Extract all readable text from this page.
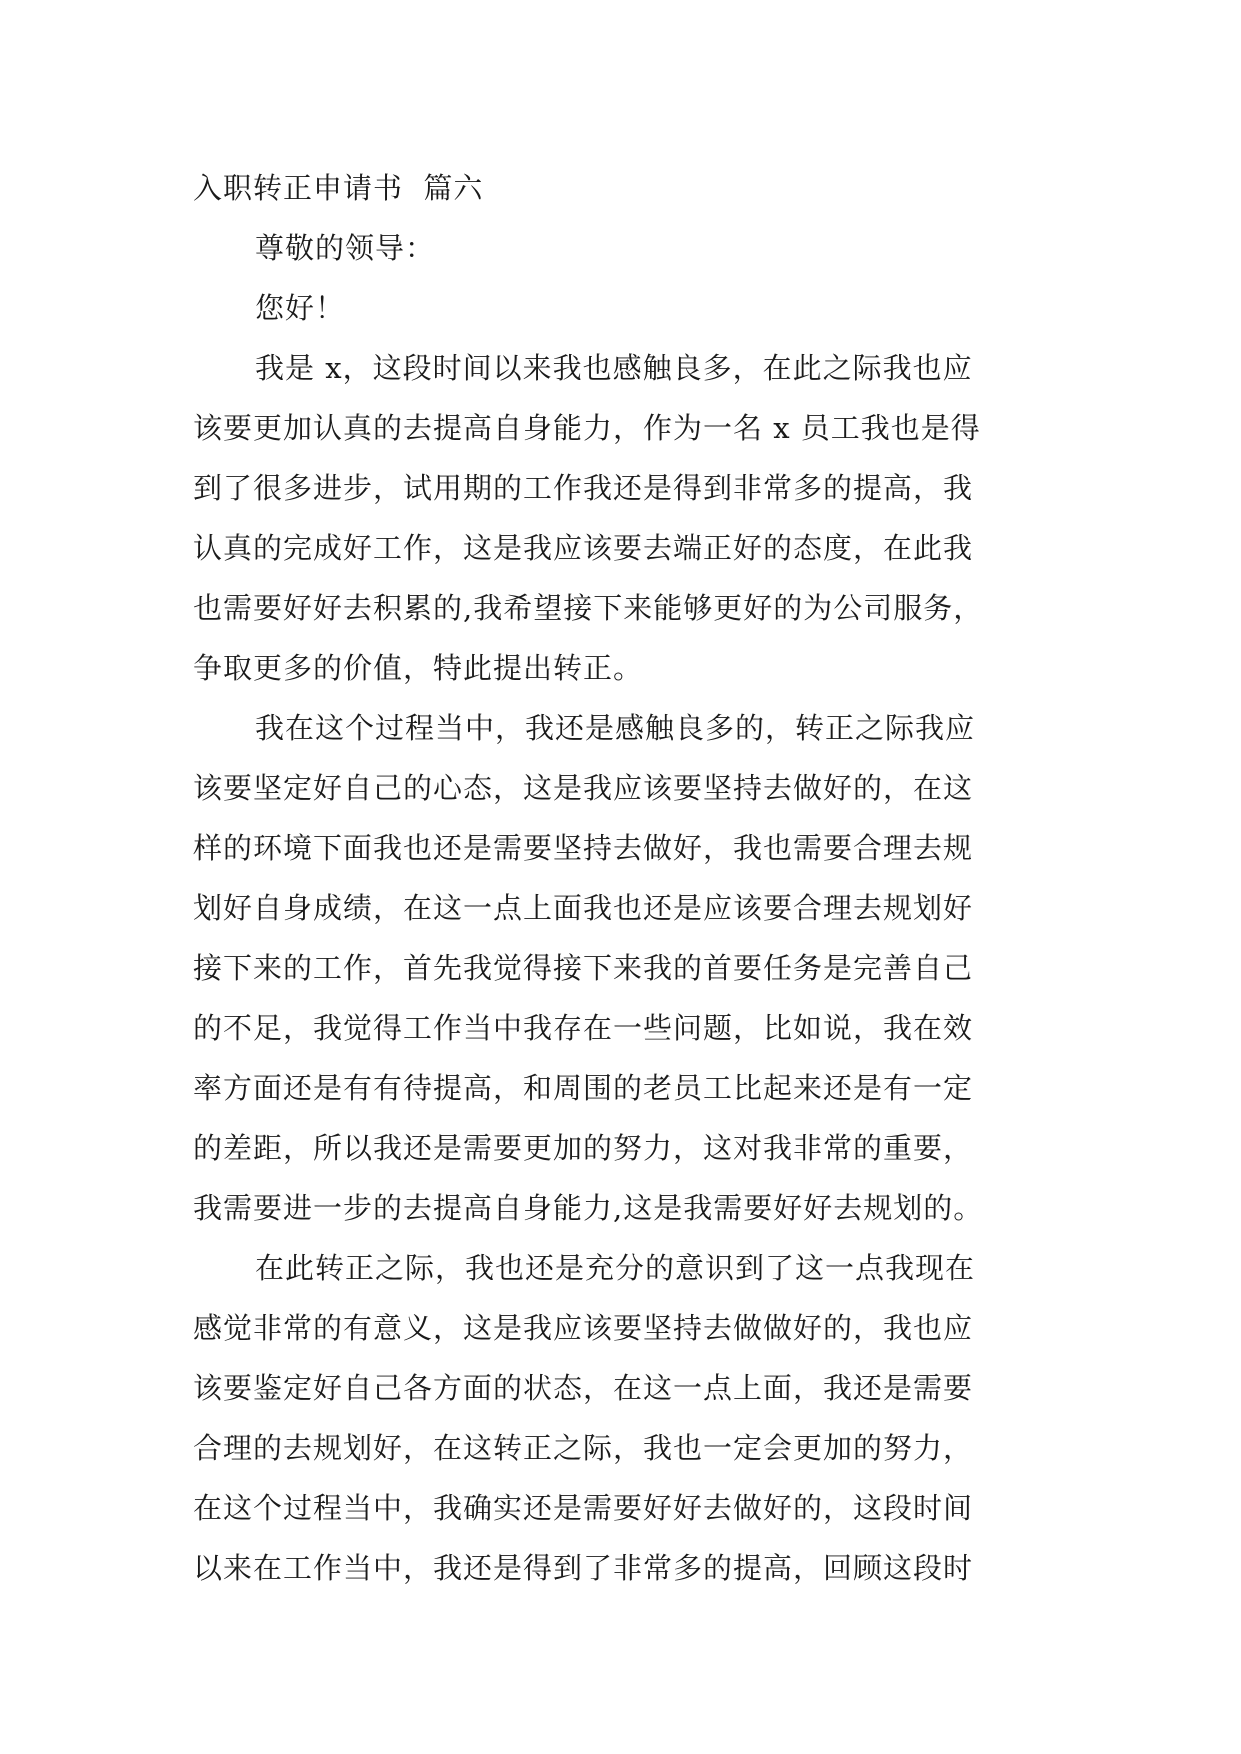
入职转正申请书  篇六
尊敬的领导：
您好！
我是 x，这段时间以来我也感触良多，在此之际我也应
该要更加认真的去提高自身能力，作为一名 x 员工我也是得
到了很多进步，试用期的工作我还是得到非常多的提高，我
认真的完成好工作，这是我应该要去端正好的态度，在此我
也需要好好去积累的,我希望接下来能够更好的为公司服务，
争取更多的价值，特此提出转正。
我在这个过程当中，我还是感触良多的，转正之际我应
该要坚定好自己的心态，这是我应该要坚持去做好的，在这
样的环境下面我也还是需要坚持去做好，我也需要合理去规
划好自身成绩，在这一点上面我也还是应该要合理去规划好
接下来的工作，首先我觉得接下来我的首要任务是完善自己
的不足，我觉得工作当中我存在一些问题，比如说，我在效
率方面还是有有待提高，和周围的老员工比起来还是有一定
的差距，所以我还是需要更加的努力，这对我非常的重要，
我需要进一步的去提高自身能力,这是我需要好好去规划的。
在此转正之际，我也还是充分的意识到了这一点我现在
感觉非常的有意义，这是我应该要坚持去做做好的，我也应
该要鉴定好自己各方面的状态，在这一点上面，我还是需要
合理的去规划好，在这转正之际，我也一定会更加的努力，
在这个过程当中，我确实还是需要好好去做好的，这段时间
以来在工作当中，我还是得到了非常多的提高，回顾这段时
